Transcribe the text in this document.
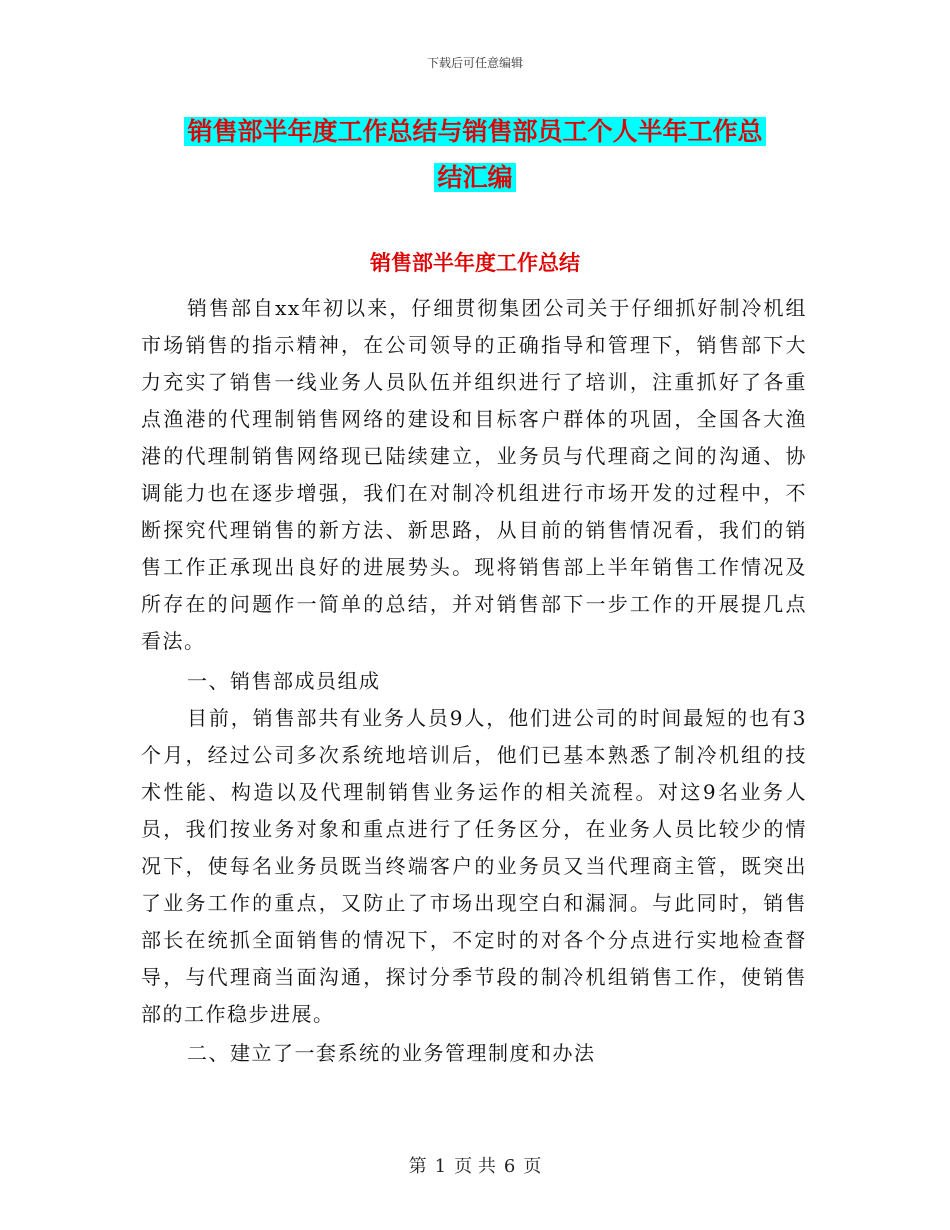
下载后可任意编辑
销售部半年度工作总结与销售部员工个人半年工作总
结汇编
销售部半年度工作总结

销售部自xx年初以来，仔细贯彻集团公司关于仔细抓好制冷机组市场销售的指示精神，在公司领导的正确指导和管理下，销售部下大力充实了销售一线业务人员队伍并组织进行了培训，注重抓好了各重点渔港的代理制销售网络的建设和目标客户群体的巩固，全国各大渔港的代理制销售网络现已陆续建立，业务员与代理商之间的沟通、协调能力也在逐步增强，我们在对制冷机组进行市场开发的过程中，不断探究代理销售的新方法、新思路，从目前的销售情况看，我们的销售工作正承现出良好的进展势头。现将销售部上半年销售工作情况及所存在的问题作一简单的总结，并对销售部下一步工作的开展提几点看法。

一、销售部成员组成

目前，销售部共有业务人员9人，他们进公司的时间最短的也有3个月，经过公司多次系统地培训后，他们已基本熟悉了制冷机组的技术性能、构造以及代理制销售业务运作的相关流程。对这9名业务人员，我们按业务对象和重点进行了任务区分，在业务人员比较少的情况下，使每名业务员既当终端客户的业务员又当代理商主管，既突出了业务工作的重点，又防止了市场出现空白和漏洞。与此同时，销售部长在统抓全面销售的情况下，不定时的对各个分点进行实地检查督导，与代理商当面沟通，探讨分季节段的制冷机组销售工作，使销售部的工作稳步进展。

二、建立了一套系统的业务管理制度和办法

第 1 页 共 6 页
